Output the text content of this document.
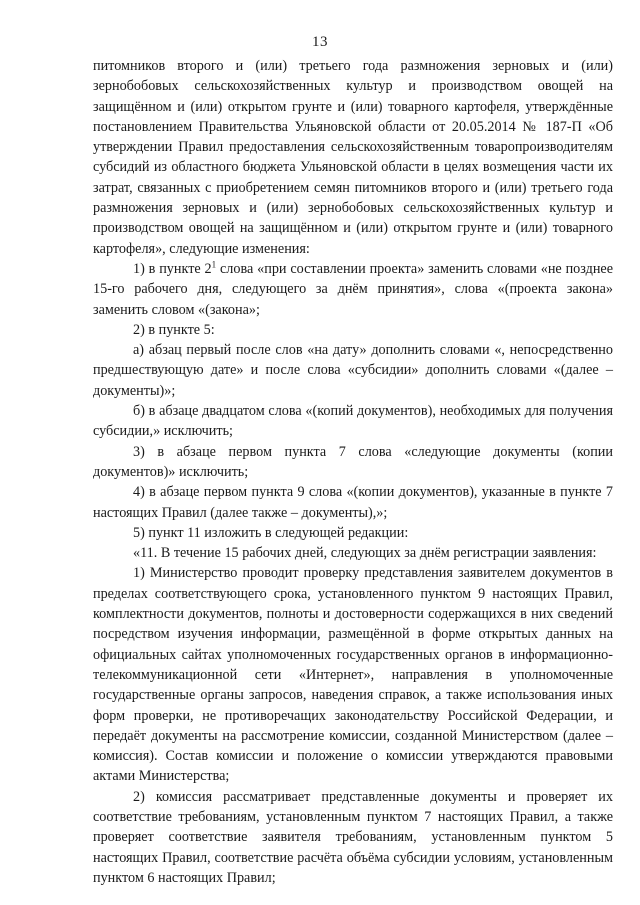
13

питомников второго и (или) третьего года размножения зерновых и (или) зернобобовых сельскохозяйственных культур и производством овощей на защищённом и (или) открытом грунте и (или) товарного картофеля, утверждённые постановлением Правительства Ульяновской области от 20.05.2014 № 187-П «Об утверждении Правил предоставления сельскохозяйственным товаропроизводителям субсидий из областного бюджета Ульяновской области в целях возмещения части их затрат, связанных с приобретением семян питомников второго и (или) третьего года размножения зерновых и (или) зернобобовых сельскохозяйственных культур и производством овощей на защищённом и (или) открытом грунте и (или) товарного картофеля», следующие изменения:

1) в пункте $2^1$ слова «при составлении проекта» заменить словами «не позднее 15-го рабочего дня, следующего за днём принятия», слова «(проекта закона» заменить словом «(закона»;

2) в пункте 5:

а) абзац первый после слов «на дату» дополнить словами «, непосредственно предшествующую дате» и после слова «субсидии» дополнить словами «(далее – документы)»;

б) в абзаце двадцатом слова «(копий документов), необходимых для получения субсидии,» исключить;

3) в абзаце первом пункта 7 слова «следующие документы (копии документов)» исключить;

4) в абзаце первом пункта 9 слова «(копии документов), указанные в пункте 7 настоящих Правил (далее также – документы),»;

5) пункт 11 изложить в следующей редакции:

«11. В течение 15 рабочих дней, следующих за днём регистрации заявления:

1) Министерство проводит проверку представления заявителем документов в пределах соответствующего срока, установленного пунктом 9 настоящих Правил, комплектности документов, полноты и достоверности содержащихся в них сведений посредством изучения информации, размещённой в форме открытых данных на официальных сайтах уполномоченных государственных органов в информационно-телекоммуникационной сети «Интернет», направления в уполномоченные государственные органы запросов, наведения справок, а также использования иных форм проверки, не противоречащих законодательству Российской Федерации, и передаёт документы на рассмотрение комиссии, созданной Министерством (далее – комиссия). Состав комиссии и положение о комиссии утверждаются правовыми актами Министерства;

2) комиссия рассматривает представленные документы и проверяет их соответствие требованиям, установленным пунктом 7 настоящих Правил, а также проверяет соответствие заявителя требованиям, установленным пунктом 5 настоящих Правил, соответствие расчёта объёма субсидии условиям, установленным пунктом 6 настоящих Правил;
